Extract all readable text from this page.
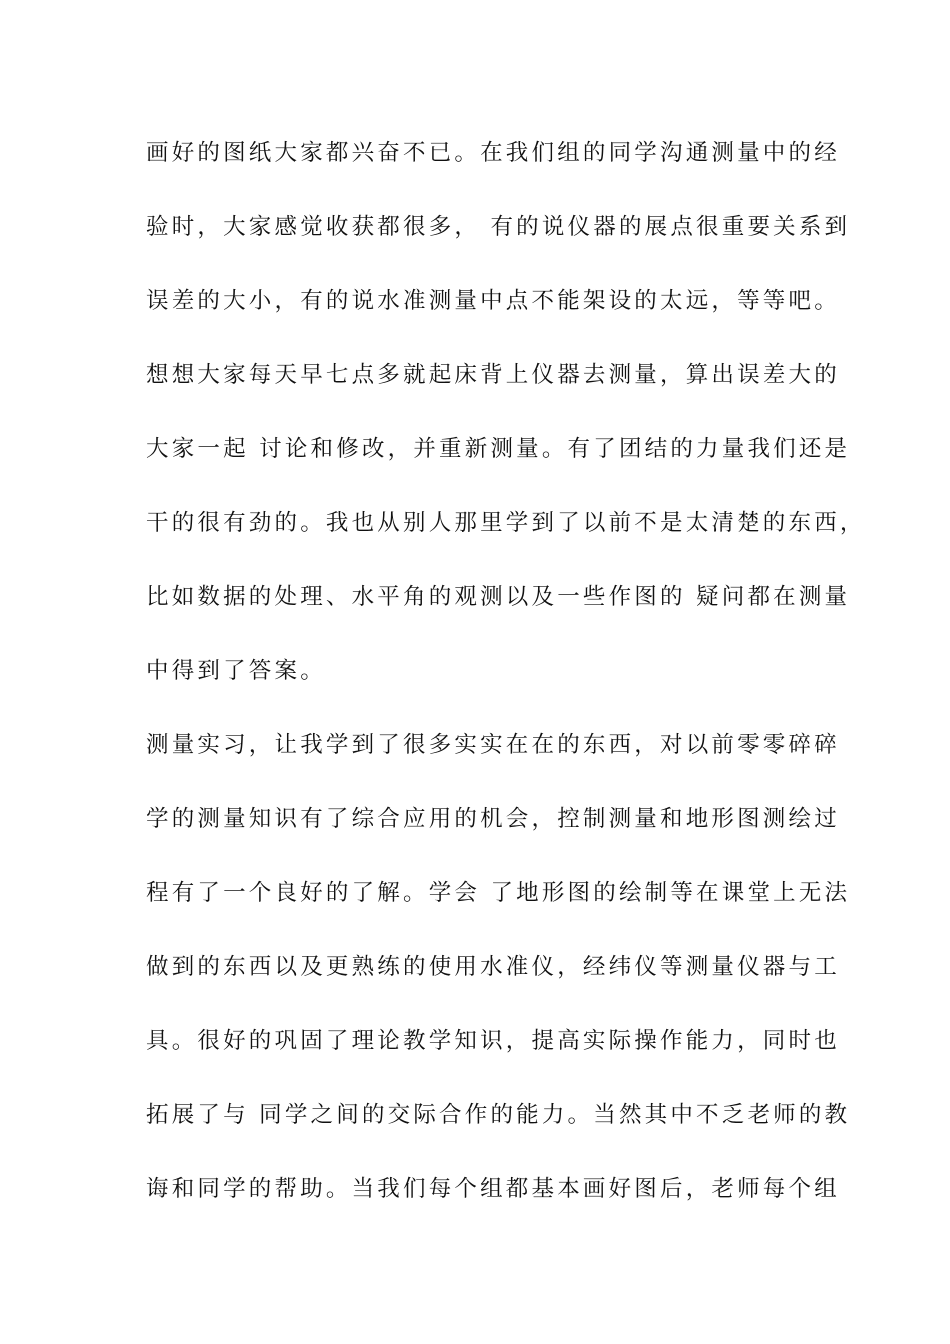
画好的图纸大家都兴奋不已。在我们组的同学沟通测量中的经
验时，大家感觉收获都很多， 有的说仪器的展点很重要关系到
误差的大小，有的说水准测量中点不能架设的太远，等等吧。
想想大家每天早七点多就起床背上仪器去测量，算出误差大的
大家一起 讨论和修改，并重新测量。有了团结的力量我们还是
干的很有劲的。我也从别人那里学到了以前不是太清楚的东西，
比如数据的处理、水平角的观测以及一些作图的 疑问都在测量
中得到了答案。
测量实习，让我学到了很多实实在在的东西，对以前零零碎碎
学的测量知识有了综合应用的机会，控制测量和地形图测绘过
程有了一个良好的了解。学会 了地形图的绘制等在课堂上无法
做到的东西以及更熟练的使用水准仪，经纬仪等测量仪器与工
具。很好的巩固了理论教学知识，提高实际操作能力，同时也
拓展了与 同学之间的交际合作的能力。当然其中不乏老师的教
诲和同学的帮助。当我们每个组都基本画好图后，老师每个组
